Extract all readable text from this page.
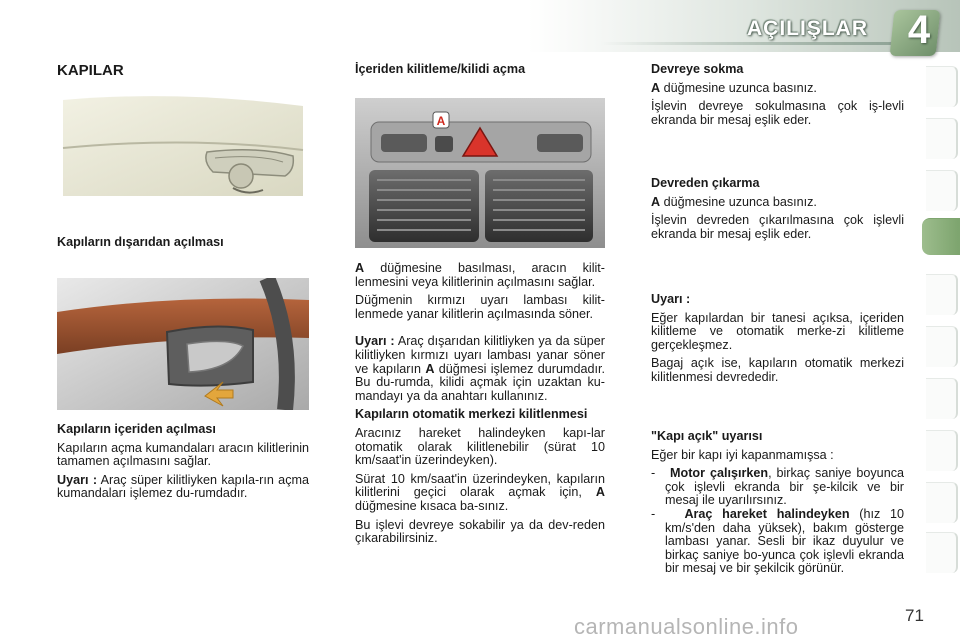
AÇILIŞLAR 4
KAPILAR
Kapıların dışarıdan açılması

Kapıların içeriden açılması

Kapıların açma kumandaları aracın kilitlerinin tamamen açılmasını sağlar.

Uyarı : Araç süper kilitliyken kapıla-rın açma kumandaları işlemez du-rumdadır.

İçeriden kilitleme/kilidi açma
A

A düğmesine basılması, aracın kilit-lenmesini veya kilitlerinin açılmasını sağlar.

Düğmenin kırmızı uyarı lambası kilit-lenmede yanar kilitlerin açılmasında söner.

Uyarı : Araç dışarıdan kilitliyken ya da süper kilitliyken kırmızı uyarı lambası yanar söner ve kapıların A düğmesi işlemez durumdadır. Bu du-rumda, kilidi açmak için uzaktan ku-mandayı ya da anahtarı kullanınız.

Kapıların otomatik merkezi kilitlenmesi

Aracınız hareket halindeyken kapı-lar otomatik olarak kilitlenebilir (sürat 10 km/saat'in üzerindeyken).

Sürat 10 km/saat'in üzerindeyken, kapıların kilitlerini geçici olarak açmak için, A düğmesine kısaca ba-sınız.

Bu işlevi devreye sokabilir ya da dev-reden çıkarabilirsiniz.

Devreye sokma

A düğmesine uzunca basınız.

İşlevin devreye sokulmasına çok iş-levli ekranda bir mesaj eşlik eder.

Devreden çıkarma

A düğmesine uzunca basınız.

İşlevin devreden çıkarılmasına çok işlevli ekranda bir mesaj eşlik eder.

Uyarı :

Eğer kapılardan bir tanesi açıksa, içeriden kilitleme ve otomatik merke-zi kilitleme gerçekleşmez.

Bagaj açık ise, kapıların otomatik merkezi kilitlenmesi devrededir.

"Kapı açık" uyarısı

Eğer bir kapı iyi kapanmamışsa :

- Motor çalışırken, birkaç saniye boyunca çok işlevli ekranda bir şe-kilcik ve bir mesaj ile uyarılırsınız.

- Araç hareket halindeyken (hız 10 km/s'den daha yüksek), bakım gösterge lambası yanar. Sesli bir ikaz duyulur ve birkaç saniye bo-yunca çok işlevli ekranda bir mesaj ve bir şekilcik görünür.

carmanualsonline.info	71
